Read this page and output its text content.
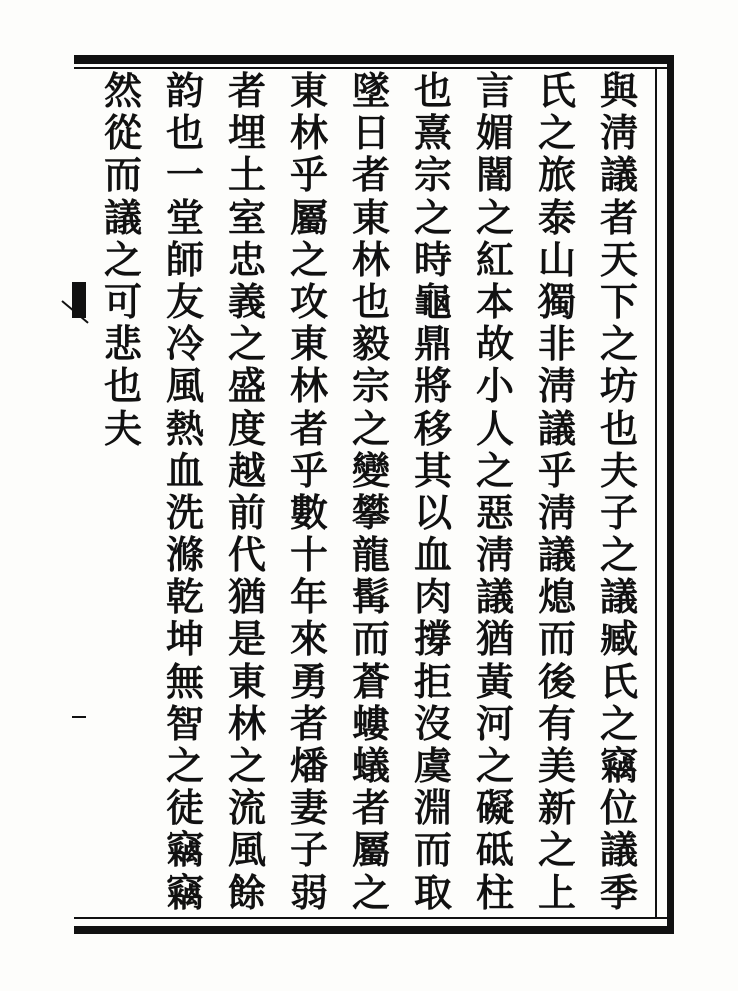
與
淸
議
者
天
下
之
坊
也
夫
子
之
議
臧
氏
之
竊
位
議
季
氏
之
旅
泰
山
獨
非
淸
議
乎
淸
議
熄
而
後
有
美
新
之
上
言
媚
闇
之
紅
本
故
小
人
之
惡
淸
議
猶
黃
河
之
礙
砥
柱
也
熹
宗
之
時
龜
鼎
將
移
其
以
血
肉
撐
拒
沒
虞
淵
而
取
墜
日
者
東
林
也
毅
宗
之
變
攀
龍
髯
而
蒼
螻
蟻
者
屬
之
東
林
乎
屬
之
攻
東
林
者
乎
數
十
年
來
勇
者
燔
妻
子
弱
者
埋
土
室
忠
義
之
盛
度
越
前
代
猶
是
東
林
之
流
風
餘
韵
也
一
堂
師
友
冷
風
熱
血
洗
滌
乾
坤
無
智
之
徒
竊
竊
然
從
而
議
之
可
悲
也
夫
